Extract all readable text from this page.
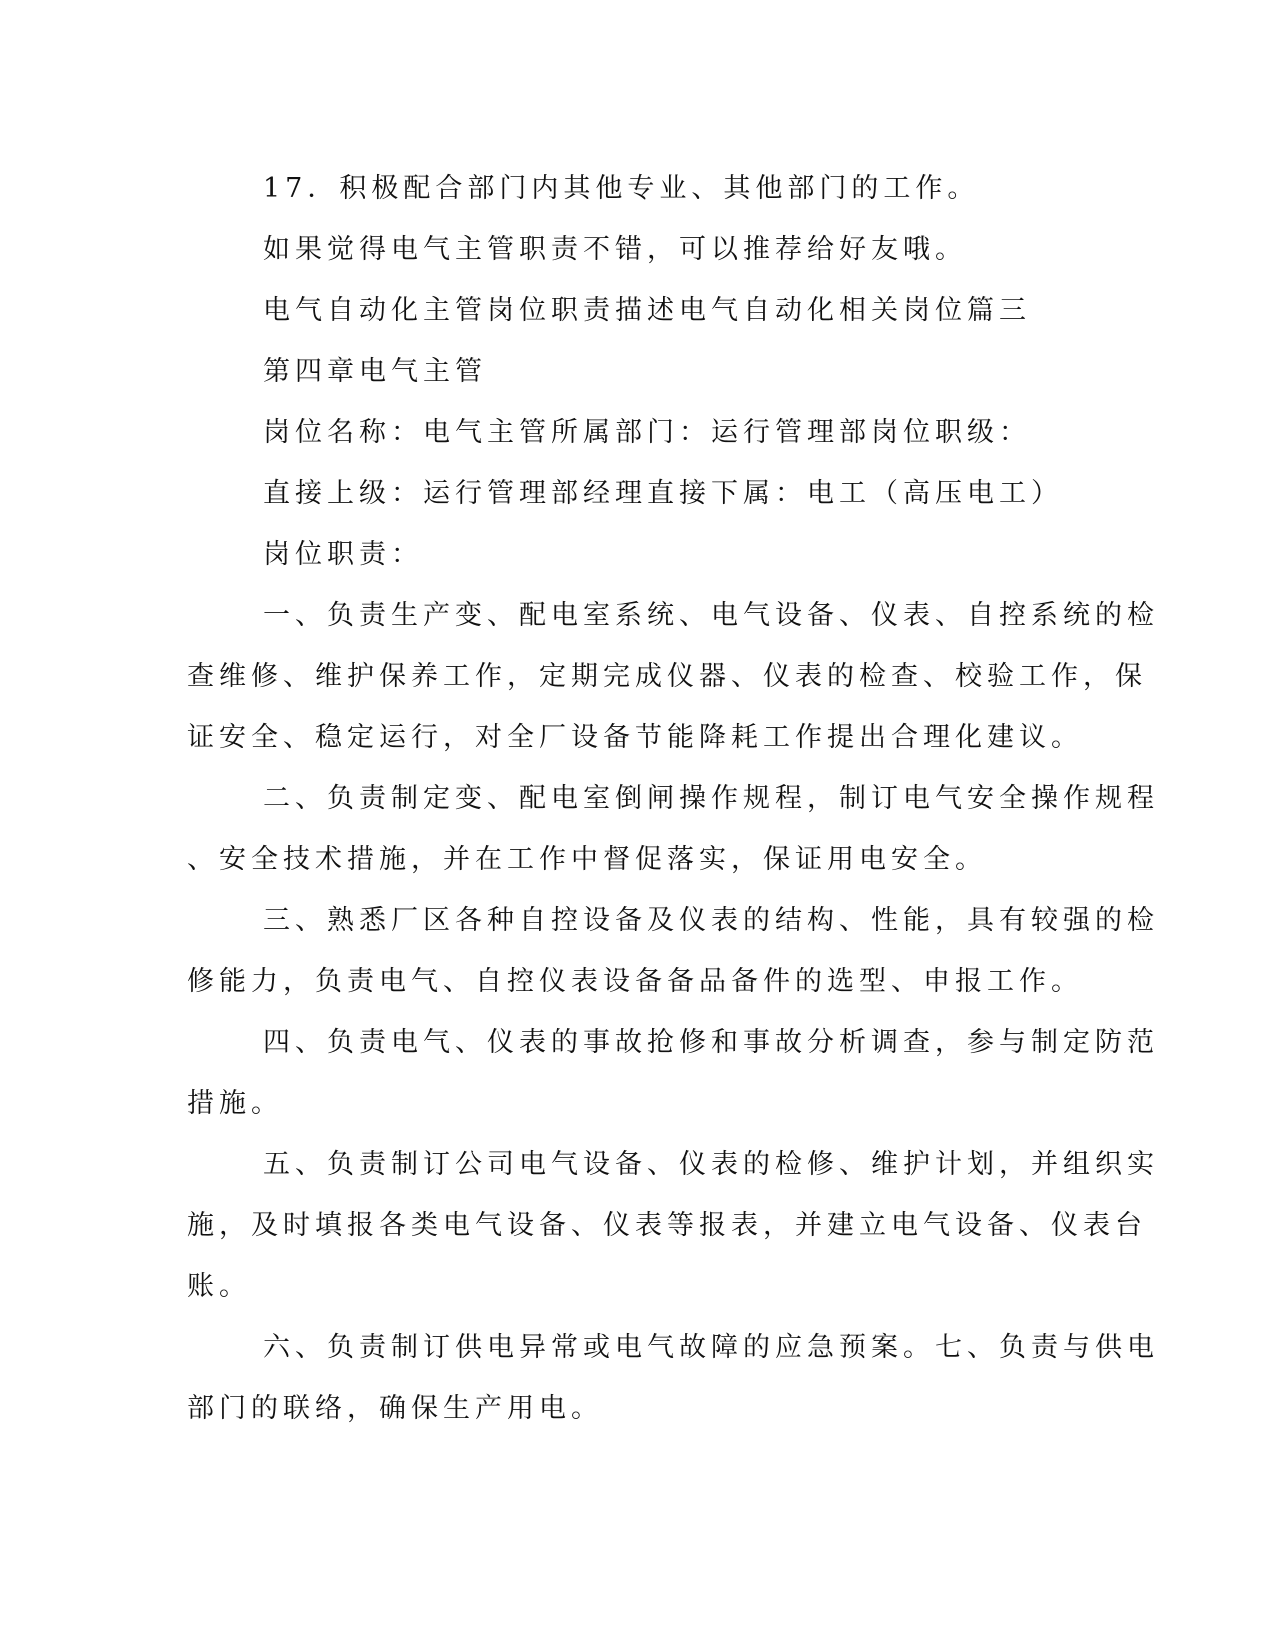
17．积极配合部门内其他专业、其他部门的工作。
如果觉得电气主管职责不错，可以推荐给好友哦。
电气自动化主管岗位职责描述电气自动化相关岗位篇三
第四章电气主管
岗位名称：电气主管所属部门：运行管理部岗位职级：
直接上级：运行管理部经理直接下属：电工（高压电工）
岗位职责：
一、负责生产变、配电室系统、电气设备、仪表、自控系统的检
查维修、维护保养工作，定期完成仪器、仪表的检查、校验工作，保
证安全、稳定运行，对全厂设备节能降耗工作提出合理化建议。
二、负责制定变、配电室倒闸操作规程，制订电气安全操作规程
、安全技术措施，并在工作中督促落实，保证用电安全。
三、熟悉厂区各种自控设备及仪表的结构、性能，具有较强的检
修能力，负责电气、自控仪表设备备品备件的选型、申报工作。
四、负责电气、仪表的事故抢修和事故分析调查，参与制定防范
措施。
五、负责制订公司电气设备、仪表的检修、维护计划，并组织实
施，及时填报各类电气设备、仪表等报表，并建立电气设备、仪表台
账。
六、负责制订供电异常或电气故障的应急预案。七、负责与供电
部门的联络，确保生产用电。
